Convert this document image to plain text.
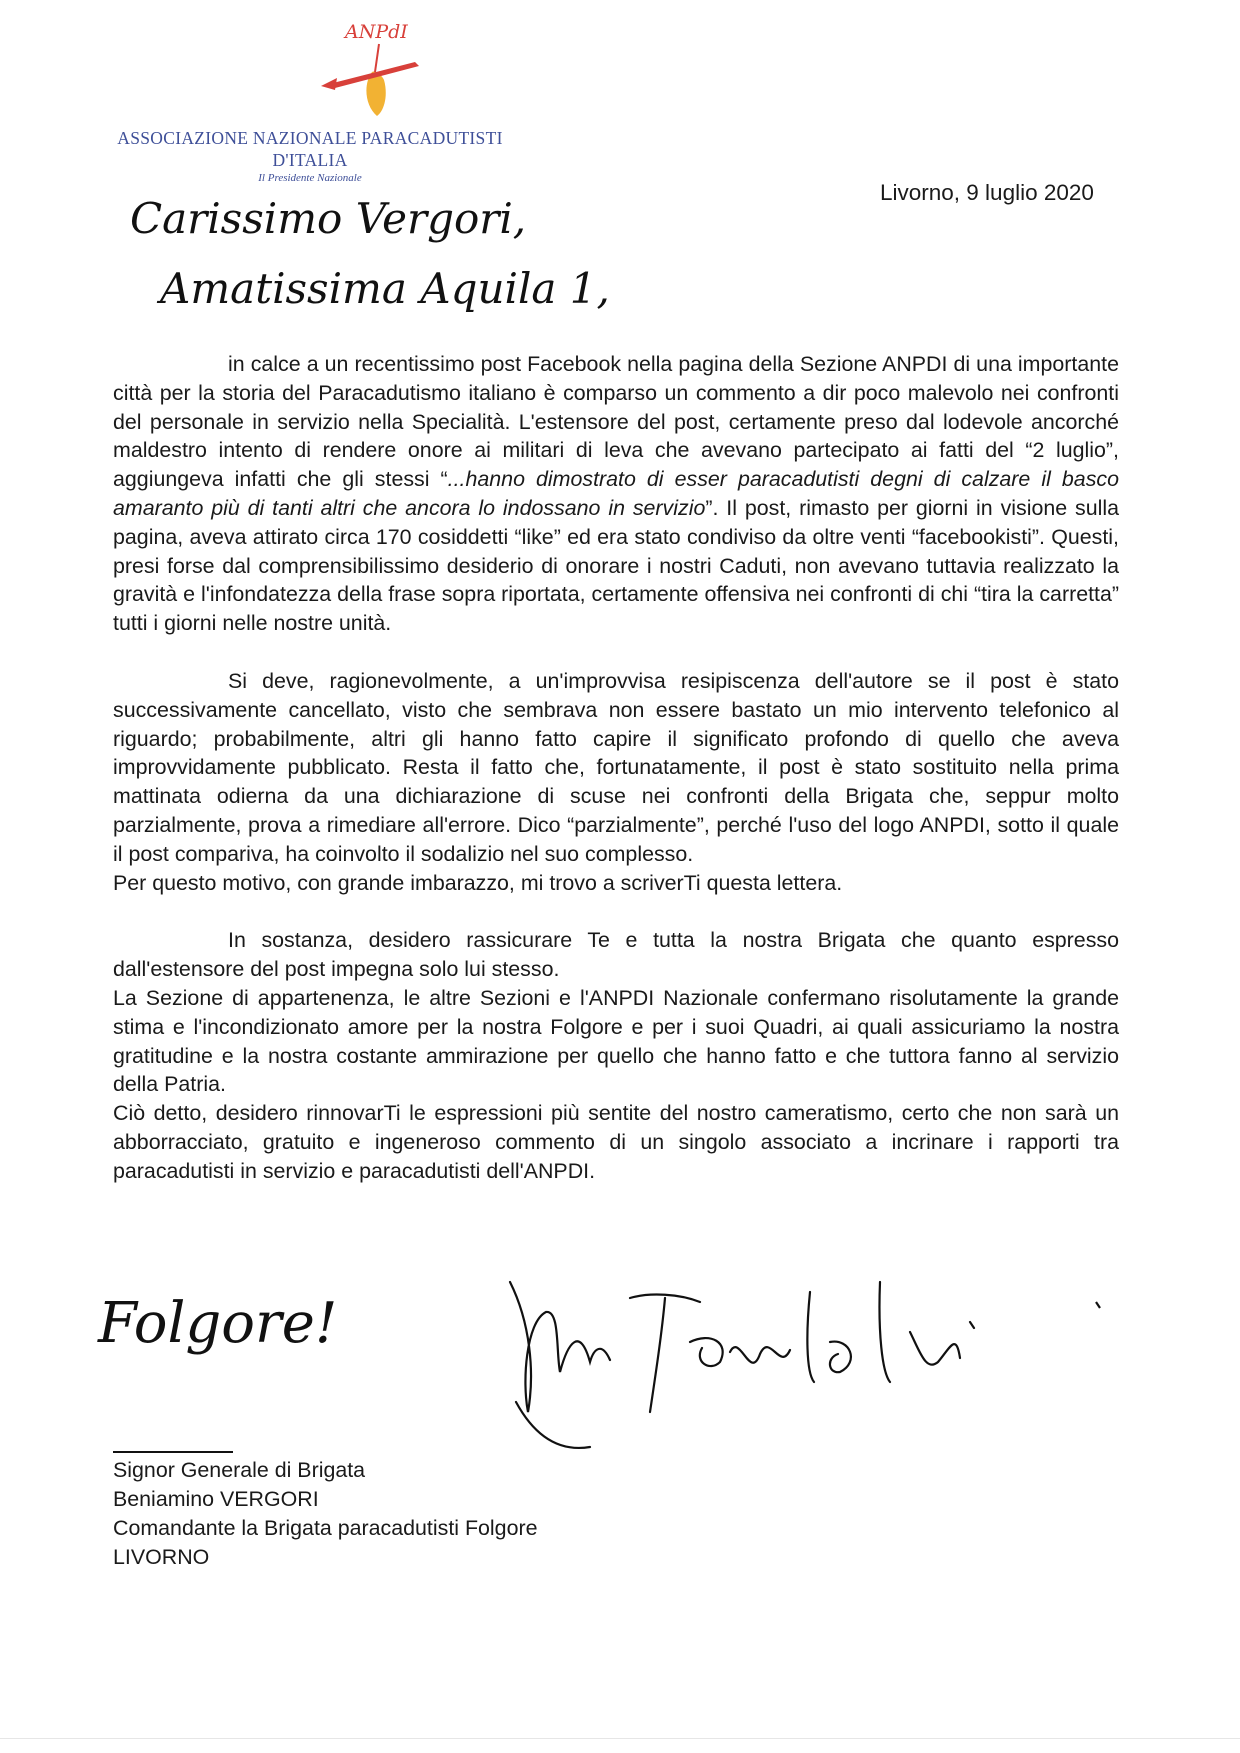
ANPdI
ASSOCIAZIONE NAZIONALE PARACADUTISTI
D'ITALIA
Il Presidente Nazionale
Livorno, 9 luglio 2020
Carissimo Vergori,
Amatissima Aquila 1,

in calce a un recentissimo post Facebook nella pagina della Sezione ANPDI di una importante città per la storia del Paracadutismo italiano è comparso un commento a dir poco malevolo nei confronti del personale in servizio nella Specialità. L'estensore del post, certamente preso dal lodevole ancorché maldestro intento di rendere onore ai militari di leva che avevano partecipato ai fatti del “2 luglio”, aggiungeva infatti che gli stessi “...hanno dimostrato di esser paracadutisti degni di calzare il basco amaranto più di tanti altri che ancora lo indossano in servizio”. Il post, rimasto per giorni in visione sulla pagina, aveva attirato circa 170 cosiddetti “like” ed era stato condiviso da oltre venti “facebookisti”. Questi, presi forse dal comprensibilissimo desiderio di onorare i nostri Caduti, non avevano tuttavia realizzato la gravità e l'infondatezza della frase sopra riportata, certamente offensiva nei confronti di chi “tira la carretta” tutti i giorni nelle nostre unità.

Si deve, ragionevolmente, a un'improvvisa resipiscenza dell'autore se il post è stato successivamente cancellato, visto che sembrava non essere bastato un mio intervento telefonico al riguardo; probabilmente, altri gli hanno fatto capire il significato profondo di quello che aveva improvvidamente pubblicato. Resta il fatto che, fortunatamente, il post è stato sostituito nella prima mattinata odierna da una dichiarazione di scuse nei confronti della Brigata che, seppur molto parzialmente, prova a rimediare all'errore. Dico “parzialmente”, perché l'uso del logo ANPDI, sotto il quale il post compariva, ha coinvolto il sodalizio nel suo complesso.

Per questo motivo, con grande imbarazzo, mi trovo a scriverTi questa lettera.

In sostanza, desidero rassicurare Te e tutta la nostra Brigata che quanto espresso dall'estensore del post impegna solo lui stesso.

La Sezione di appartenenza, le altre Sezioni e l'ANPDI Nazionale confermano risolutamente la grande stima e l'incondizionato amore per la nostra Folgore e per i suoi Quadri, ai quali assicuriamo la nostra gratitudine e la nostra costante ammirazione per quello che hanno fatto e che tuttora fanno al servizio della Patria.

Ciò detto, desidero rinnovarTi le espressioni più sentite del nostro cameratismo, certo che non sarà un abborracciato, gratuito e ingeneroso commento di un singolo associato a incrinare i rapporti tra paracadutisti in servizio e paracadutisti dell'ANPDI.

Folgore!
Signor Generale di Brigata
Beniamino VERGORI
Comandante la Brigata paracadutisti Folgore
LIVORNO
